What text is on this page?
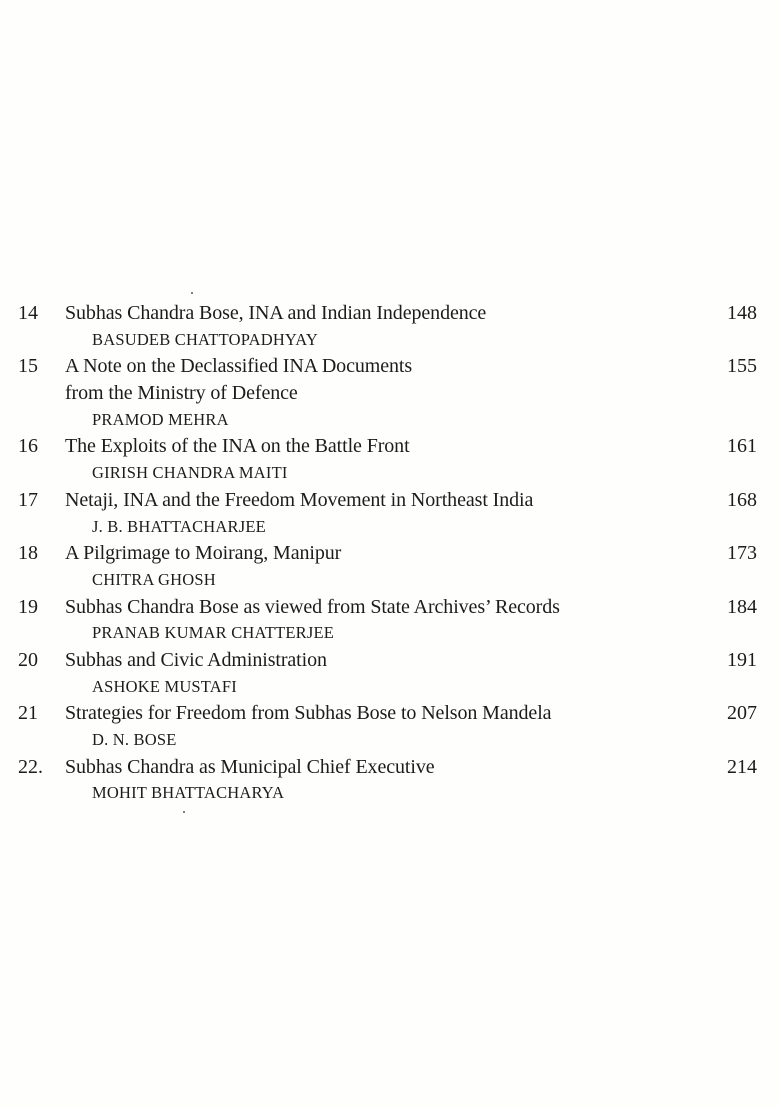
14 Subhas Chandra Bose, INA and Indian Independence	148
BASUDEB CHATTOPADHYAY
15 A Note on the Declassified INA Documents	155
from the Ministry of Defence
PRAMOD MEHRA
16 The Exploits of the INA on the Battle Front	161
GIRISH CHANDRA MAITI
17 Netaji, INA and the Freedom Movement in Northeast India	168
J. B. BHATTACHARJEE
18 A Pilgrimage to Moirang, Manipur	173
CHITRA GHOSH
19 Subhas Chandra Bose as viewed from State Archives’ Records	184
PRANAB KUMAR CHATTERJEE
20 Subhas and Civic Administration	191
ASHOKE MUSTAFI
21 Strategies for Freedom from Subhas Bose to Nelson Mandela	207
D. N. BOSE
22. Subhas Chandra as Municipal Chief Executive	214
MOHIT BHATTACHARYA
